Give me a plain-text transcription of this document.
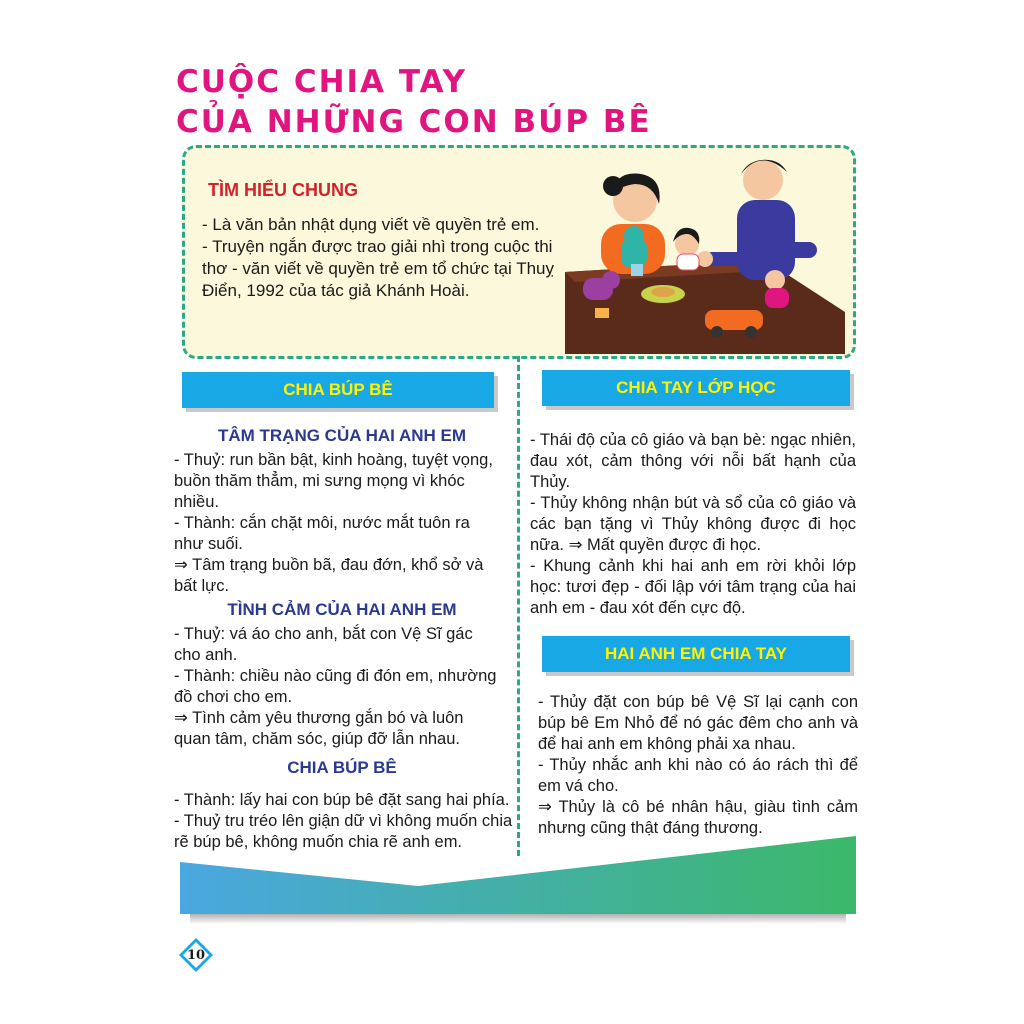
CUỘC CHIA TAY
CỦA NHỮNG CON BÚP BÊ
TÌM HIỂU CHUNG

- Là văn bản nhật dụng viết về quyền trẻ em.

- Truyện ngắn được trao giải nhì trong cuộc thi thơ - văn viết về quyền trẻ em tổ chức tại Thuỵ Điển, 1992 của tác giả Khánh Hoài.

CHIA BÚP BÊ
TÂM TRẠNG CỦA HAI ANH EM

- Thuỷ: run bần bật, kinh hoàng, tuyệt vọng, buồn thăm thẳm, mi sưng mọng vì khóc nhiều.

- Thành: cắn chặt môi, nước mắt tuôn ra như suối.

⇒ Tâm trạng buồn bã, đau đớn, khổ sở và bất lực.

TÌNH CẢM CỦA HAI ANH EM

- Thuỷ: vá áo cho anh, bắt con Vệ Sĩ gác cho anh.

- Thành: chiều nào cũng đi đón em, nhường đồ chơi cho em.

⇒ Tình cảm yêu thương gắn bó và luôn quan tâm, chăm sóc, giúp đỡ lẫn nhau.

CHIA BÚP BÊ

- Thành: lấy hai con búp bê đặt sang hai phía.

- Thuỷ tru tréo lên giận dữ vì không muốn chia rẽ búp bê, không muốn chia rẽ anh em.

CHIA TAY LỚP HỌC

- Thái độ của cô giáo và bạn bè: ngạc nhiên, đau xót, cảm thông với nỗi bất hạnh của Thủy.

- Thủy không nhận bút và sổ của cô giáo và các bạn tặng vì Thủy không được đi học nữa. ⇒ Mất quyền được đi học.

- Khung cảnh khi hai anh em rời khỏi lớp học: tươi đẹp - đối lập với tâm trạng của hai anh em - đau xót đến cực độ.

HAI ANH EM CHIA TAY

- Thủy đặt con búp bê Vệ Sĩ lại cạnh con búp bê Em Nhỏ để nó gác đêm cho anh và để hai anh em không phải xa nhau.

- Thủy nhắc anh khi nào có áo rách thì để em vá cho.

⇒ Thủy là cô bé nhân hậu, giàu tình cảm nhưng cũng thật đáng thương.

10
